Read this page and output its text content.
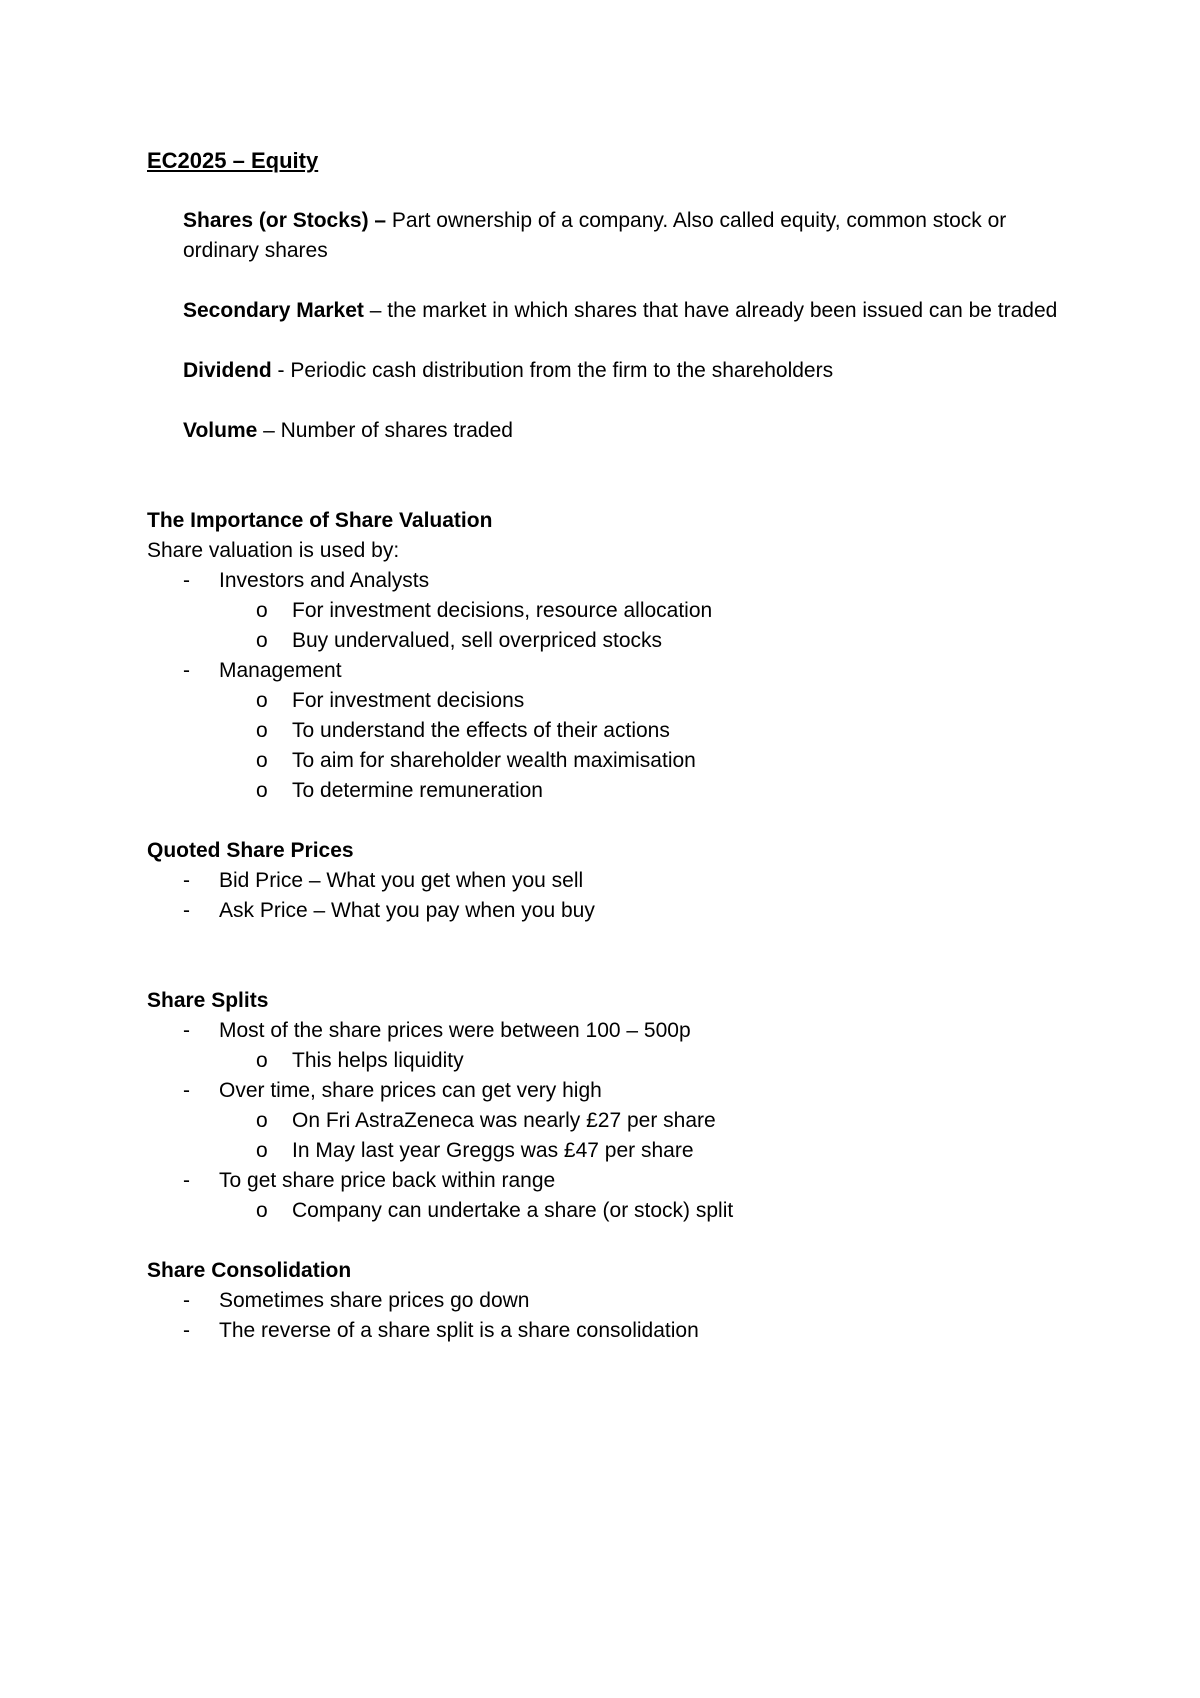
EC2025 – Equity
Shares (or Stocks) – Part ownership of a company. Also called equity, common stock or ordinary shares
Secondary Market – the market in which shares that have already been issued can be traded
Dividend - Periodic cash distribution from the firm to the shareholders
Volume – Number of shares traded
The Importance of Share Valuation
Share valuation is used by:
- Investors and Analysts
o For investment decisions, resource allocation
o Buy undervalued, sell overpriced stocks
- Management
o For investment decisions
o To understand the effects of their actions
o To aim for shareholder wealth maximisation
o To determine remuneration
Quoted Share Prices
- Bid Price – What you get when you sell
- Ask Price – What you pay when you buy
Share Splits
- Most of the share prices were between 100 – 500p
o This helps liquidity
- Over time, share prices can get very high
o On Fri AstraZeneca was nearly £27 per share
o In May last year Greggs was £47 per share
- To get share price back within range
o Company can undertake a share (or stock) split
Share Consolidation
- Sometimes share prices go down
- The reverse of a share split is a share consolidation
